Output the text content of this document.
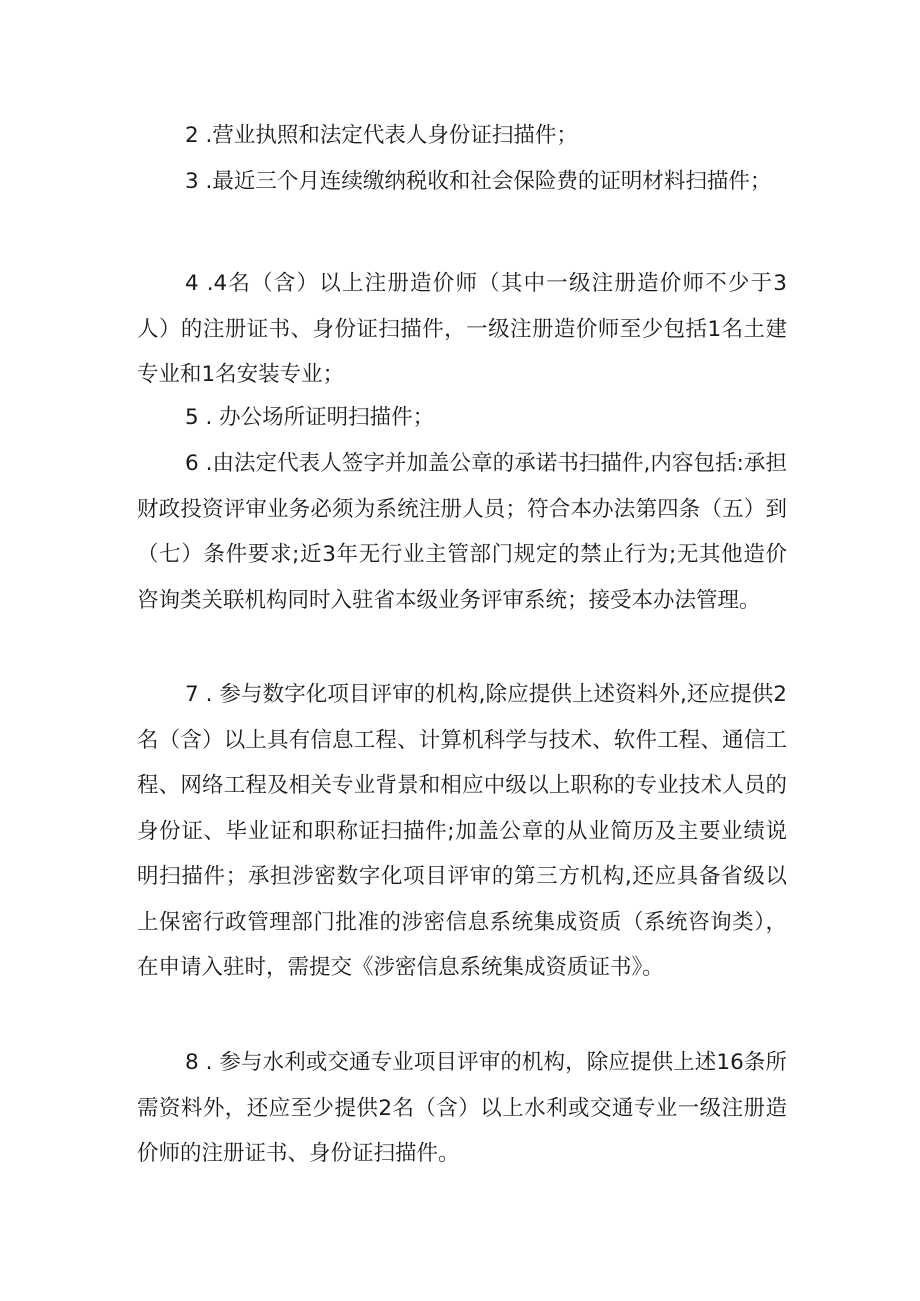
2 .营业执照和法定代表人身份证扫描件；

3 .最近三个月连续缴纳税收和社会保险费的证明材料扫描件；

4 .4名（含）以上注册造价师（其中一级注册造价师不少于3人）的注册证书、身份证扫描件，一级注册造价师至少包括1名土建专业和1名安装专业；

5 . 办公场所证明扫描件；

6 .由法定代表人签字并加盖公章的承诺书扫描件,内容包括:承担财政投资评审业务必须为系统注册人员；符合本办法第四条（五）到（七）条件要求;近3年无行业主管部门规定的禁止行为;无其他造价咨询类关联机构同时入驻省本级业务评审系统；接受本办法管理。

7 . 参与数字化项目评审的机构,除应提供上述资料外,还应提供2名（含）以上具有信息工程、计算机科学与技术、软件工程、通信工程、网络工程及相关专业背景和相应中级以上职称的专业技术人员的身份证、毕业证和职称证扫描件;加盖公章的从业简历及主要业绩说明扫描件；承担涉密数字化项目评审的第三方机构,还应具备省级以上保密行政管理部门批准的涉密信息系统集成资质（系统咨询类），在申请入驻时，需提交《涉密信息系统集成资质证书》。

8 . 参与水利或交通专业项目评审的机构，除应提供上述16条所需资料外，还应至少提供2名（含）以上水利或交通专业一级注册造价师的注册证书、身份证扫描件。
